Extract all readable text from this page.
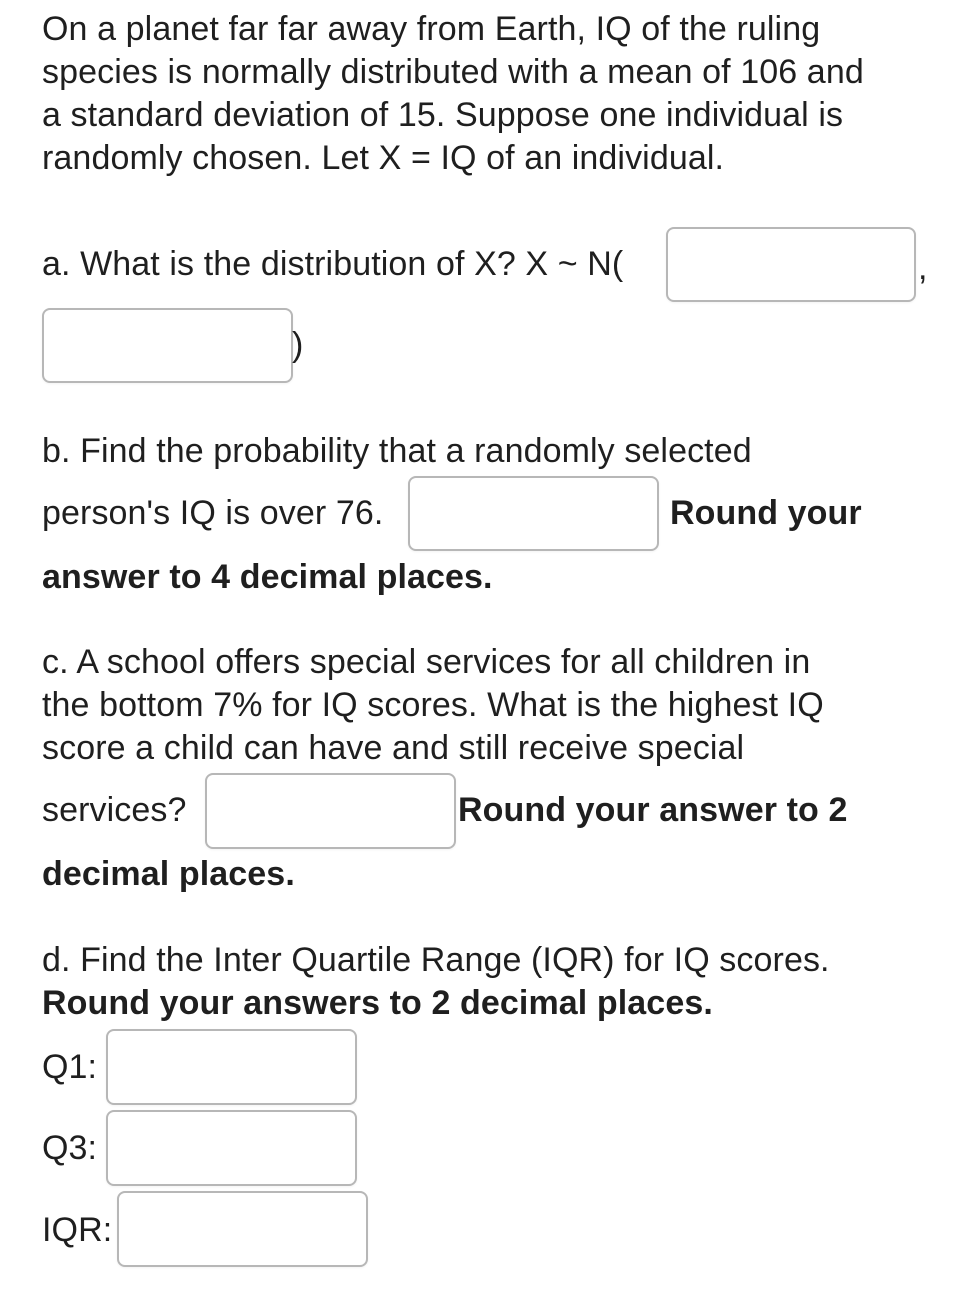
On a planet far far away from Earth, IQ of the ruling
species is normally distributed with a mean of 106 and
a standard deviation of 15. Suppose one individual is
randomly chosen. Let X = IQ of an individual.
a. What is the distribution of X? X ~ N(	,
)
b. Find the probability that a randomly selected
person's IQ is over 76.	Round your
answer to 4 decimal places.
c. A school offers special services for all children in
the bottom 7% for IQ scores. What is the highest IQ
score a child can have and still receive special
services?	Round your answer to 2
decimal places.
d. Find the Inter Quartile Range (IQR) for IQ scores.
Round your answers to 2 decimal places.
Q1:
Q3:
IQR:
